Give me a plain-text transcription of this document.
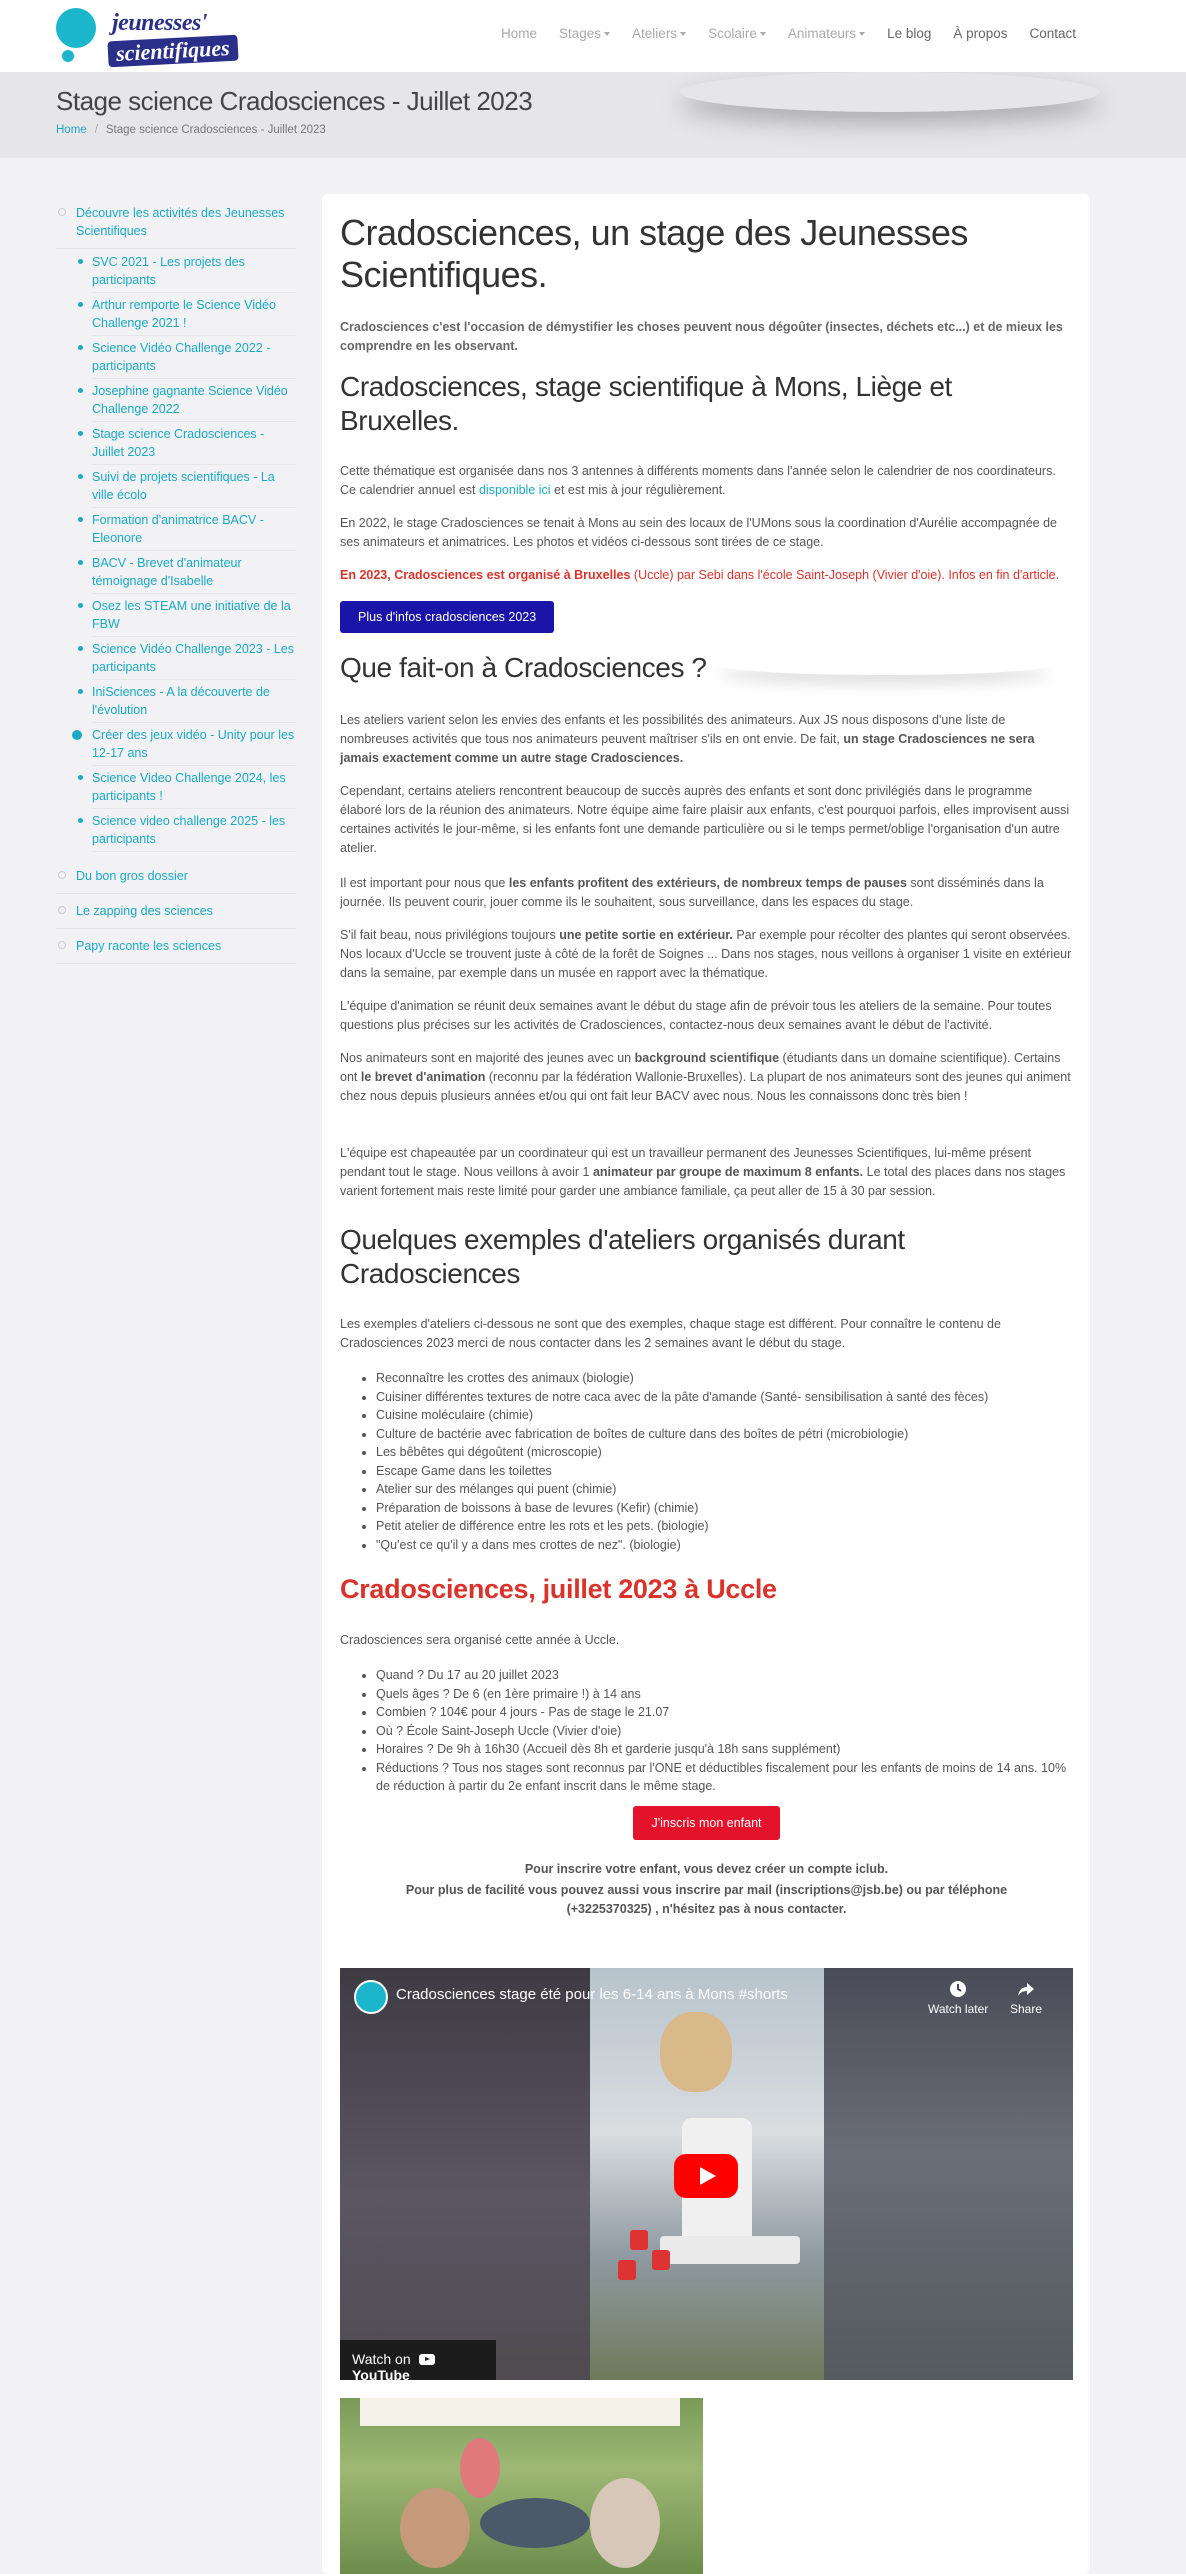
jeunesses'
scientifiques
Home Stages	Ateliers	Scolaire	Animateurs	Le blog À propos Contact
Stage science Cradosciences - Juillet 2023
Home / Stage science Cradosciences - Juillet 2023
Découvre les activités des Jeunesses Scientifiques
SVC 2021 - Les projets des participants
Arthur remporte le Science Vidéo Challenge 2021 !
Science Vidéo Challenge 2022 - participants
Josephine gagnante Science Vidéo Challenge 2022
Stage science Cradosciences - Juillet 2023
Suivi de projets scientifiques - La ville écolo
Formation d'animatrice BACV - Eleonore
BACV - Brevet d'animateur témoignage d'Isabelle
Osez les STEAM une initiative de la FBW
Science Vidéo Challenge 2023 - Les participants
IniSciences - A la découverte de l'évolution
Créer des jeux vidéo - Unity pour les 12-17 ans
Science Video Challenge 2024, les participants !
Science video challenge 2025 - les participants
Du bon gros dossier
Le zapping des sciences
Papy raconte les sciences
Cradosciences, un stage des Jeunesses Scientifiques.

Cradosciences c'est l'occasion de démystifier les choses peuvent nous dégoûter (insectes, déchets etc...) et de mieux les comprendre en les observant.

Cradosciences, stage scientifique à Mons, Liège et Bruxelles.

Cette thématique est organisée dans nos 3 antennes à différents moments dans l'année selon le calendrier de nos coordinateurs. Ce calendrier annuel est disponible ici et est mis à jour régulièrement.

En 2022, le stage Cradosciences se tenait à Mons au sein des locaux de l'UMons sous la coordination d'Aurélie accompagnée de ses animateurs et animatrices. Les photos et vidéos ci-dessous sont tirées de ce stage.

En 2023, Cradosciences est organisé à Bruxelles (Uccle) par Sebi dans l'école Saint-Joseph (Vivier d'oie). Infos en fin d'article.

Plus d'infos cradosciences 2023
Que fait-on à Cradosciences ?

Les ateliers varient selon les envies des enfants et les possibilités des animateurs. Aux JS nous disposons d'une liste de nombreuses activités que tous nos animateurs peuvent maîtriser s'ils en ont envie. De fait, un stage Cradosciences ne sera jamais exactement comme un autre stage Cradosciences.

Cependant, certains ateliers rencontrent beaucoup de succès auprès des enfants et sont donc privilégiés dans le programme élaboré lors de la réunion des animateurs. Notre équipe aime faire plaisir aux enfants, c'est pourquoi parfois, elles improvisent aussi certaines activités le jour-même, si les enfants font une demande particulière ou si le temps permet/oblige l'organisation d'un autre atelier.

Il est important pour nous que les enfants profitent des extérieurs, de nombreux temps de pauses sont disséminés dans la journée. Ils peuvent courir, jouer comme ils le souhaitent, sous surveillance, dans les espaces du stage.

S'il fait beau, nous privilégions toujours une petite sortie en extérieur. Par exemple pour récolter des plantes qui seront observées. Nos locaux d'Uccle se trouvent juste à côté de la forêt de Soignes ... Dans nos stages, nous veillons à organiser 1 visite en extérieur dans la semaine, par exemple dans un musée en rapport avec la thématique.

L'équipe d'animation se réunit deux semaines avant le début du stage afin de prévoir tous les ateliers de la semaine. Pour toutes questions plus précises sur les activités de Cradosciences, contactez-nous deux semaines avant le début de l'activité.

Nos animateurs sont en majorité des jeunes avec un background scientifique (étudiants dans un domaine scientifique). Certains ont le brevet d'animation (reconnu par la fédération Wallonie-Bruxelles). La plupart de nos animateurs sont des jeunes qui animent chez nous depuis plusieurs années et/ou qui ont fait leur BACV avec nous. Nous les connaissons donc très bien !

L'équipe est chapeautée par un coordinateur qui est un travailleur permanent des Jeunesses Scientifiques, lui-même présent pendant tout le stage. Nous veillons à avoir 1 animateur par groupe de maximum 8 enfants. Le total des places dans nos stages varient fortement mais reste limité pour garder une ambiance familiale, ça peut aller de 15 à 30 par session.

Quelques exemples d'ateliers organisés durant Cradosciences

Les exemples d'ateliers ci-dessous ne sont que des exemples, chaque stage est différent. Pour connaître le contenu de Cradosciences 2023 merci de nous contacter dans les 2 semaines avant le début du stage.

• Reconnaître les crottes des animaux (biologie)
• Cuisiner différentes textures de notre caca avec de la pâte d'amande (Santé- sensibilisation à santé des fèces)
• Cuisine moléculaire (chimie)
• Culture de bactérie avec fabrication de boîtes de culture dans des boîtes de pétri (microbiologie)
• Les bêbêtes qui dégoûtent (microscopie)
• Escape Game dans les toilettes
• Atelier sur des mélanges qui puent (chimie)
• Préparation de boissons à base de levures (Kefir) (chimie)
• Petit atelier de différence entre les rots et les pets. (biologie)
• "Qu'est ce qu'il y a dans mes crottes de nez". (biologie)
Cradosciences, juillet 2023 à Uccle

Cradosciences sera organisé cette année à Uccle.

• Quand ? Du 17 au 20 juillet 2023
• Quels âges ? De 6 (en 1ère primaire !) à 14 ans
• Combien ? 104€ pour 4 jours - Pas de stage le 21.07
• Où ? École Saint-Joseph Uccle (Vivier d'oie)
• Horaires ? De 9h à 16h30 (Accueil dès 8h et garderie jusqu'à 18h sans supplément)
• Réductions ? Tous nos stages sont reconnus par l'ONE et déductibles fiscalement pour les enfants de moins de 14 ans. 10% de réduction à partir du 2e enfant inscrit dans le même stage.
J'inscris mon enfant

Pour inscrire votre enfant, vous devez créer un compte iclub.

Pour plus de facilité vous pouvez aussi vous inscrire par mail (inscriptions@jsb.be) ou par téléphone (+3225370325) , n'hésitez pas à nous contacter.

Cradosciences stage été pour les 6-14 ans à Mons #shorts
Watch later Share
Watch onYouTube
